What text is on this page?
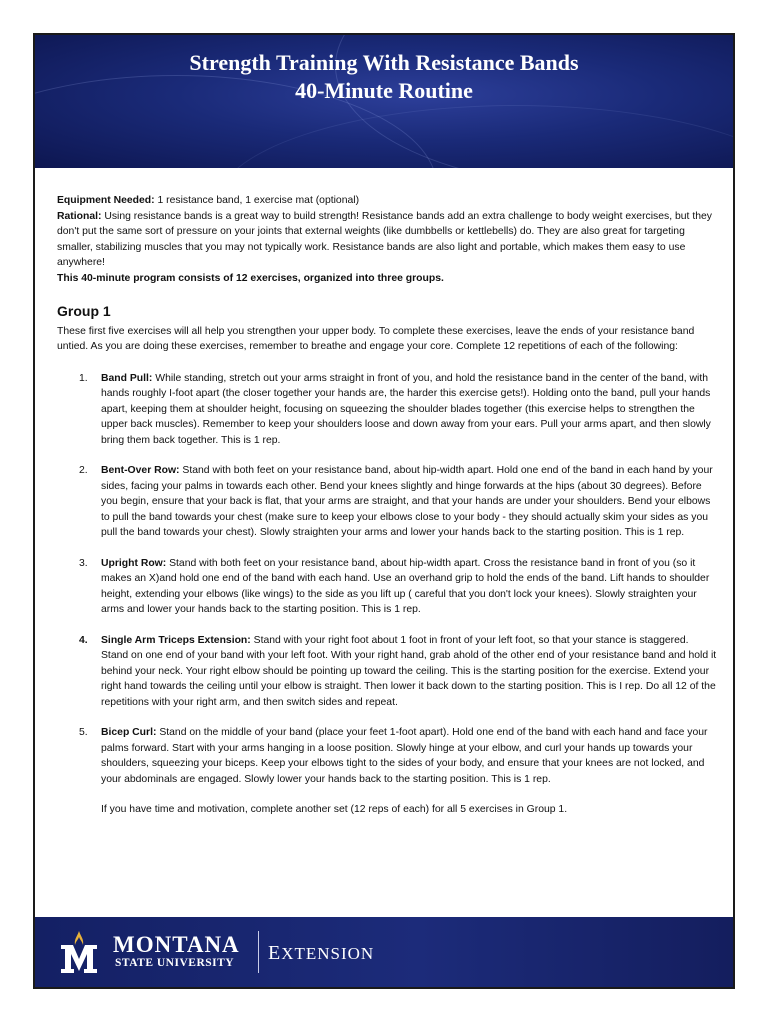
Strength Training With Resistance Bands
40-Minute Routine

Equipment Needed: 1 resistance band, 1 exercise mat (optional)

Rational: Using resistance bands is a great way to build strength! Resistance bands add an extra challenge to body weight exercises, but they don't put the same sort of pressure on your joints that external weights (like dumbbells or kettlebells) do. They are also great for targeting smaller, stabilizing muscles that you may not typically work. Resistance bands are also light and portable, which makes them easy to use anywhere!

This 40-minute program consists of 12 exercises, organized into three groups.

Group 1

These first five exercises will all help you strengthen your upper body. To complete these exercises, leave the ends of your resistance band untied. As you are doing these exercises, remember to breathe and engage your core. Complete 12 repetitions of each of the following:

1. Band Pull: While standing, stretch out your arms straight in front of you, and hold the resistance band in the center of the band, with hands roughly I-foot apart (the closer together your hands are, the harder this exercise gets!). Holding onto the band, pull your hands apart, keeping them at shoulder height, focusing on squeezing the shoulder blades together (this exercise helps to strengthen the upper back muscles). Remember to keep your shoulders loose and down away from your ears. Pull your arms apart, and then slowly bring them back together. This is 1 rep.
2. Bent-Over Row: Stand with both feet on your resistance band, about hip-width apart. Hold one end of the band in each hand by your sides, facing your palms in towards each other. Bend your knees slightly and hinge forwards at the hips (about 30 degrees). Before you begin, ensure that your back is flat, that your arms are straight, and that your hands are under your shoulders. Bend your elbows to pull the band towards your chest (make sure to keep your elbows close to your body - they should actually skim your sides as you pull the band towards your chest). Slowly straighten your arms and lower your hands back to the starting position. This is 1 rep.
3. Upright Row: Stand with both feet on your resistance band, about hip-width apart. Cross the resistance band in front of you (so it makes an X)and hold one end of the band with each hand. Use an overhand grip to hold the ends of the band. Lift hands to shoulder height, extending your elbows (like wings) to the side as you lift up ( careful that you don't lock your knees). Slowly straighten your arms and lower your hands back to the starting position. This is 1 rep.
4. Single Arm Triceps Extension: Stand with your right foot about 1 foot in front of your left foot, so that your stance is staggered. Stand on one end of your band with your left foot. With your right hand, grab ahold of the other end of your resistance band and hold it behind your neck. Your right elbow should be pointing up toward the ceiling. This is the starting position for the exercise. Extend your right hand towards the ceiling until your elbow is straight. Then lower it back down to the starting position. This is I rep. Do all 12 of the repetitions with your right arm, and then switch sides and repeat.
5. Bicep Curl: Stand on the middle of your band (place your feet 1-foot apart). Hold one end of the band with each hand and face your palms forward. Start with your arms hanging in a loose position. Slowly hinge at your elbow, and curl your hands up towards your shoulders, squeezing your biceps. Keep your elbows tight to the sides of your body, and ensure that your knees are not locked, and your abdominals are engaged. Slowly lower your hands back to the starting position. This is 1 rep.

If you have time and motivation, complete another set (12 reps of each) for all 5 exercises in Group 1.

MONTANA
STATE UNIVERSITY EXTENSION
